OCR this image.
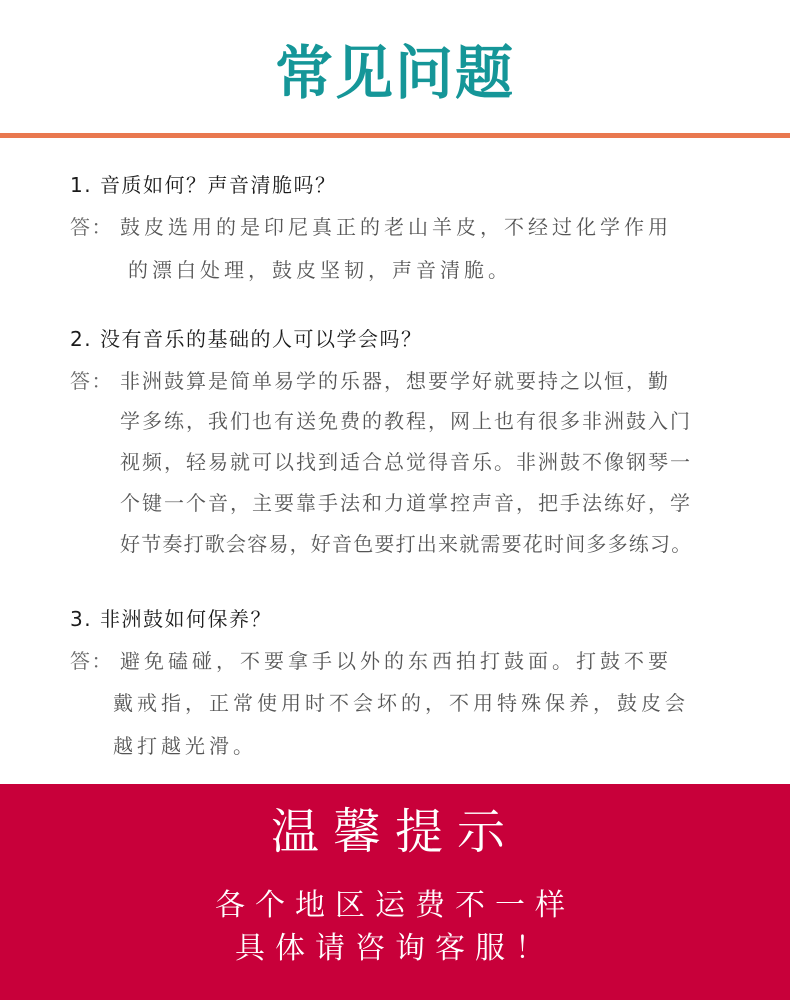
常见问题
1. 音质如何？声音清脆吗？
答： 鼓皮选用的是印尼真正的老山羊皮，不经过化学作用
的漂白处理，鼓皮坚韧，声音清脆。
2. 没有音乐的基础的人可以学会吗？
答： 非洲鼓算是简单易学的乐器，想要学好就要持之以恒，勤
学多练，我们也有送免费的教程，网上也有很多非洲鼓入门
视频，轻易就可以找到适合总觉得音乐。非洲鼓不像钢琴一
个键一个音，主要靠手法和力道掌控声音，把手法练好，学
好节奏打歌会容易，好音色要打出来就需要花时间多多练习。
3. 非洲鼓如何保养？
答： 避免磕碰，不要拿手以外的东西拍打鼓面。打鼓不要
戴戒指，正常使用时不会坏的，不用特殊保养，鼓皮会
越打越光滑。
温馨提示
各个地区运费不一样
具体请咨询客服！
